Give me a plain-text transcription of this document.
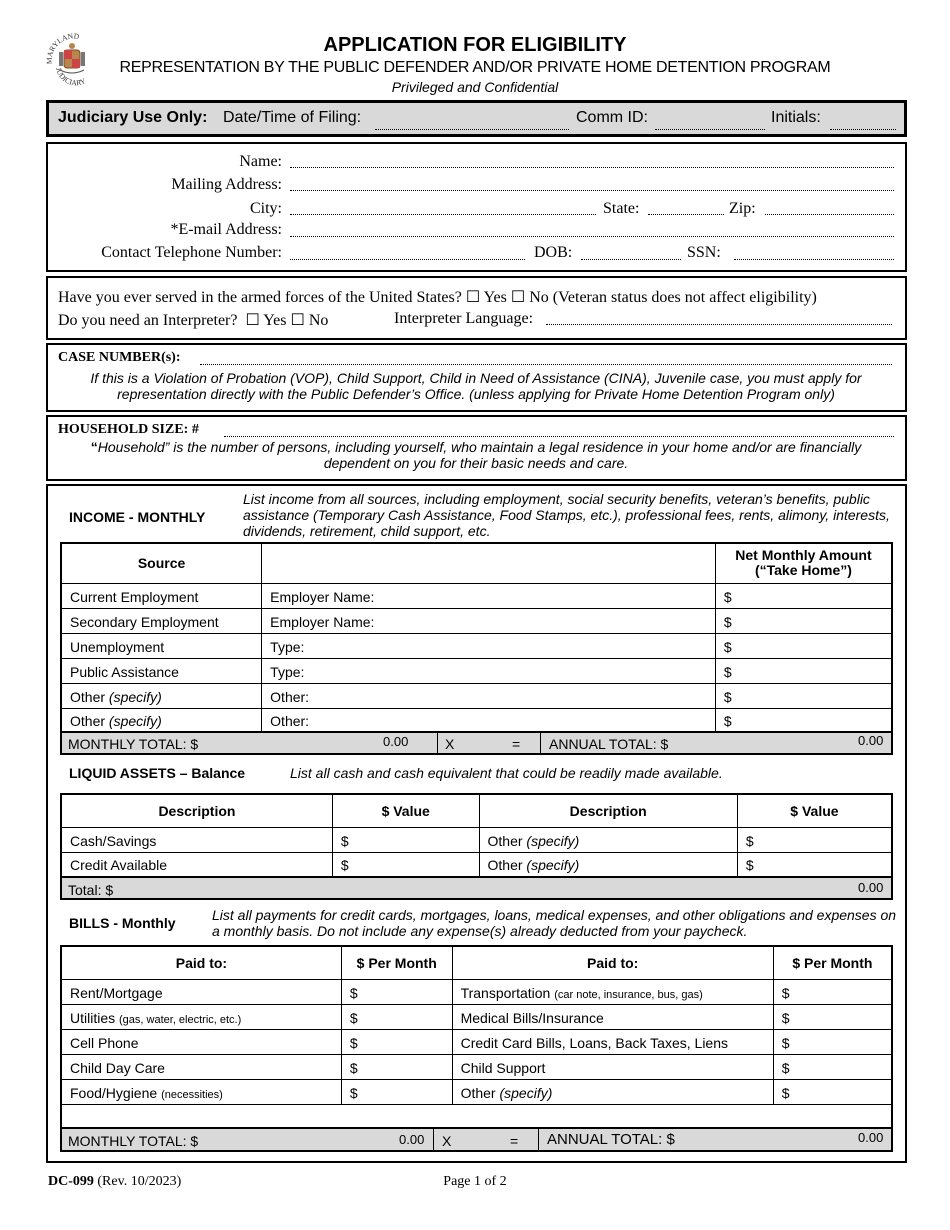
MARYLAND
JUDICIARY
APPLICATION FOR ELIGIBILITY
REPRESENTATION BY THE PUBLIC DEFENDER AND/OR PRIVATE HOME DETENTION PROGRAM
Privileged and Confidential
Judiciary Use Only: Date/Time of Filing:	Comm ID:	Initials:
Name:
Mailing Address:
City:	State:	Zip:
*E-mail Address:
Contact Telephone Number:	DOB:	SSN:
Have you ever served in the armed forces of the United States? ☐ Yes ☐ No (Veteran status does not affect eligibility)
Do you need an Interpreter? ☐ Yes ☐ No	Interpreter Language:
CASE NUMBER(s):
If this is a Violation of Probation (VOP), Child Support, Child in Need of Assistance (CINA), Juvenile case, you must apply for representation directly with the Public Defender’s Office. (unless applying for Private Home Detention Program only)
HOUSEHOLD SIZE: #
“Household” is the number of persons, including yourself, who maintain a legal residence in your home and/or are financially dependent on you for their basic needs and care.
INCOME - MONTHLY
List income from all sources, including employment, social security benefits, veteran’s benefits, public assistance (Temporary Cash Assistance, Food Stamps, etc.), professional fees, rents, alimony, interests, dividends, retirement, child support, etc.
Source		Net Monthly Amount (“Take Home”)
Current Employment	Employer Name:	$
Secondary Employment	Employer Name:	$
Unemployment	Type:	$
Public Assistance	Type:	$
Other (specify)	Other:	$
Other (specify)	Other:	$
MONTHLY TOTAL: $	0.00	X	= ANNUAL TOTAL: $	0.00
LIQUID ASSETS – Balance	List all cash and cash equivalent that could be readily made available.
Description	$ Value	Description	$ Value
Cash/Savings	$	Other (specify)	$
Credit Available	$	Other (specify)	$
Total: $	0.00
BILLS - Monthly	List all payments for credit cards, mortgages, loans, medical expenses, and other obligations and expenses on a monthly basis. Do not include any expense(s) already deducted from your paycheck.
Paid to:	$ Per Month	Paid to:	$ Per Month
Rent/Mortgage	$	Transportation (car note, insurance, bus, gas)	$
Utilities (gas, water, electric, etc.)	$	Medical Bills/Insurance	$
Cell Phone	$	Credit Card Bills, Loans, Back Taxes, Liens	$
Child Day Care	$	Child Support	$
Food/Hygiene (necessities)	$	Other (specify)	$

MONTHLY TOTAL: $	0.00 X	= ANNUAL TOTAL: $	0.00
DC-099 (Rev. 10/2023)	Page 1 of 2
